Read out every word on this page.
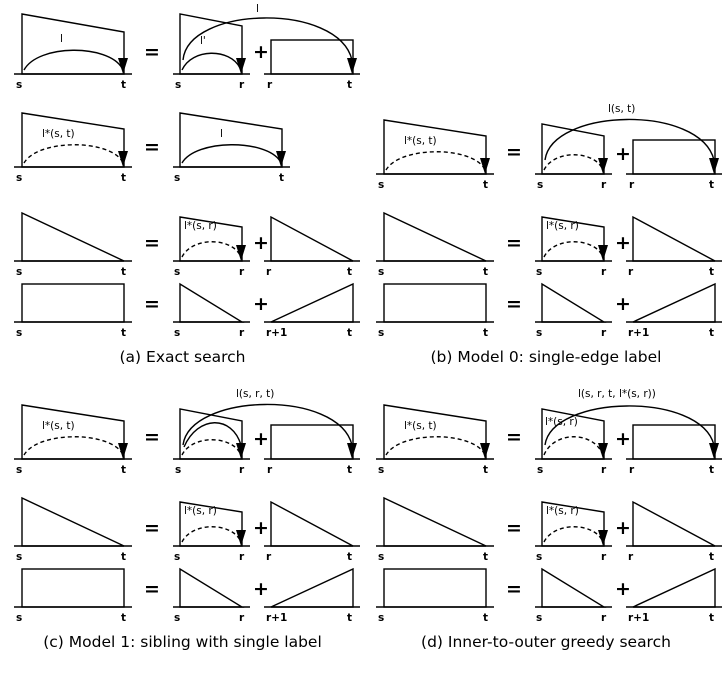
l
s	t
=	l'
s	r
+
r	t
l
l*(s, t)
s	t
=
l
s	t
s	t
=
l*(s, r)
s	r
+
r	t
s	t
=
s	r
+
r+1	t
(a) Exact search
l*(s, t)
s	t
=
s	r
+
r	t
l(s, t)
s	t
=
l*(s, r)
s	r
+
r	t
s	t
=
s	r
+
r+1	t
(b) Model 0: single-edge label
l*(s, t)
s	t
=
s	r
+
r	t
l(s, r, t)
s	t
=
l*(s, r)
s	r
+
r	t
s	t
=
s	r
+
r+1	t
(c) Model 1: sibling with single label
l*(s, t)
s	t
=
l*(s, r)
s	r
+
r	t
l(s, r, t, l*(s, r))
s	t
=
l*(s, r)
s	r
+
r	t
s	t
=
s	r
+
r+1	t
(d) Inner-to-outer greedy search
